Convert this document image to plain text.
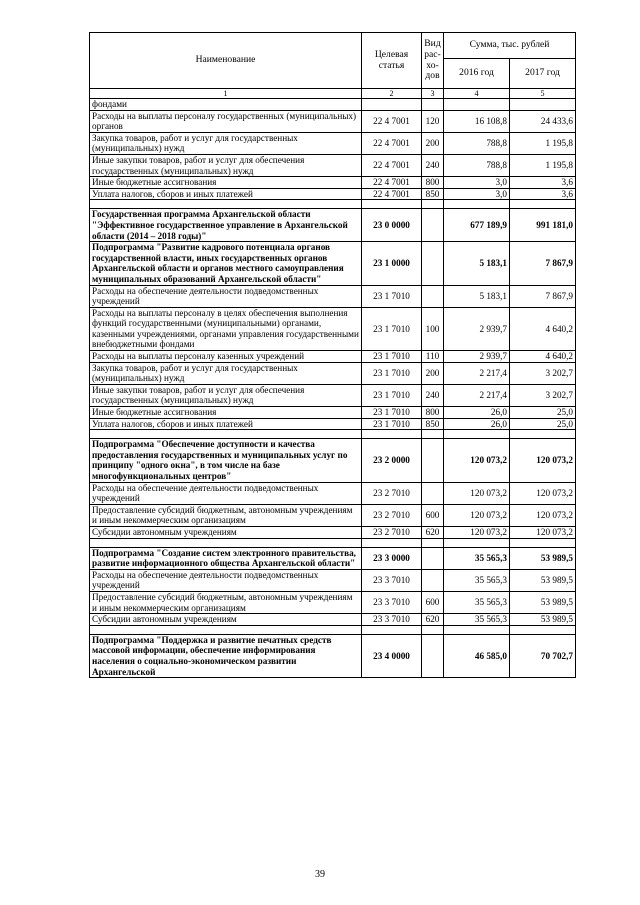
Наименование	Целевая статья	Вид рас- хо- дов	Сумма, тыс. рублей	
			2016 год	2017 год
1	2	3	4	5
фондами				
Расходы на выплаты персоналу государственных (муниципальных) органов	22 4 7001	120	16 108,8	24 433,6
Закупка товаров, работ и услуг для государственных (муниципальных) нужд	22 4 7001	200	788,8	1 195,8
Иные закупки товаров, работ и услуг для обеспечения государственных (муниципальных) нужд	22 4 7001	240	788,8	1 195,8
Иные бюджетные ассигнования	22 4 7001	800	3,0	3,6
Уплата налогов, сборов и иных платежей	22 4 7001	850	3,0	3,6

Государственная программа Архангельской области "Эффективное государственное управление в Архангельской области (2014 – 2018 годы)"	23 0 0000		677 189,9	991 181,0
Подпрограмма "Развитие кадрового потенциала органов государственной власти, иных государственных органов Архангельской области и органов местного самоуправления муниципальных образований Архангельской области"	23 1 0000		5 183,1	7 867,9
Расходы на обеспечение деятельности подведомственных учреждений	23 1 7010		5 183,1	7 867,9
Расходы на выплаты персоналу в целях обеспечения выполнения функций государственными (муниципальными) органами, казенными учреждениями, органами управления государственными внебюджетными фондами	23 1 7010	100	2 939,7	4 640,2
Расходы на выплаты персоналу казенных учреждений	23 1 7010	110	2 939,7	4 640,2
Закупка товаров, работ и услуг для государственных (муниципальных) нужд	23 1 7010	200	2 217,4	3 202,7
Иные закупки товаров, работ и услуг для обеспечения государственных (муниципальных) нужд	23 1 7010	240	2 217,4	3 202,7
Иные бюджетные ассигнования	23 1 7010	800	26,0	25,0
Уплата налогов, сборов и иных платежей	23 1 7010	850	26,0	25,0

Подпрограмма "Обеспечение доступности и качества предоставления государственных и муниципальных услуг по принципу "одного окна", в том числе на базе многофункциональных центров"	23 2 0000		120 073,2	120 073,2
Расходы на обеспечение деятельности подведомственных учреждений	23 2 7010		120 073,2	120 073,2
Предоставление субсидий бюджетным, автономным учреждениям и иным некоммерческим организациям	23 2 7010	600	120 073,2	120 073,2
Субсидии автономным учреждениям	23 2 7010	620	120 073,2	120 073,2

Подпрограмма "Создание систем электронного правительства, развитие информационного общества Архангельской области"	23 3 0000		35 565,3	53 989,5
Расходы на обеспечение деятельности подведомственных учреждений	23 3 7010		35 565,3	53 989,5
Предоставление субсидий бюджетным, автономным учреждениям и иным некоммерческим организациям	23 3 7010	600	35 565,3	53 989,5
Субсидии автономным учреждениям	23 3 7010	620	35 565,3	53 989,5

Подпрограмма "Поддержка и развитие печатных средств массовой информации, обеспечение информирования населения о социально-экономическом развитии Архангельской	23 4 0000		46 585,0	70 702,7
39
